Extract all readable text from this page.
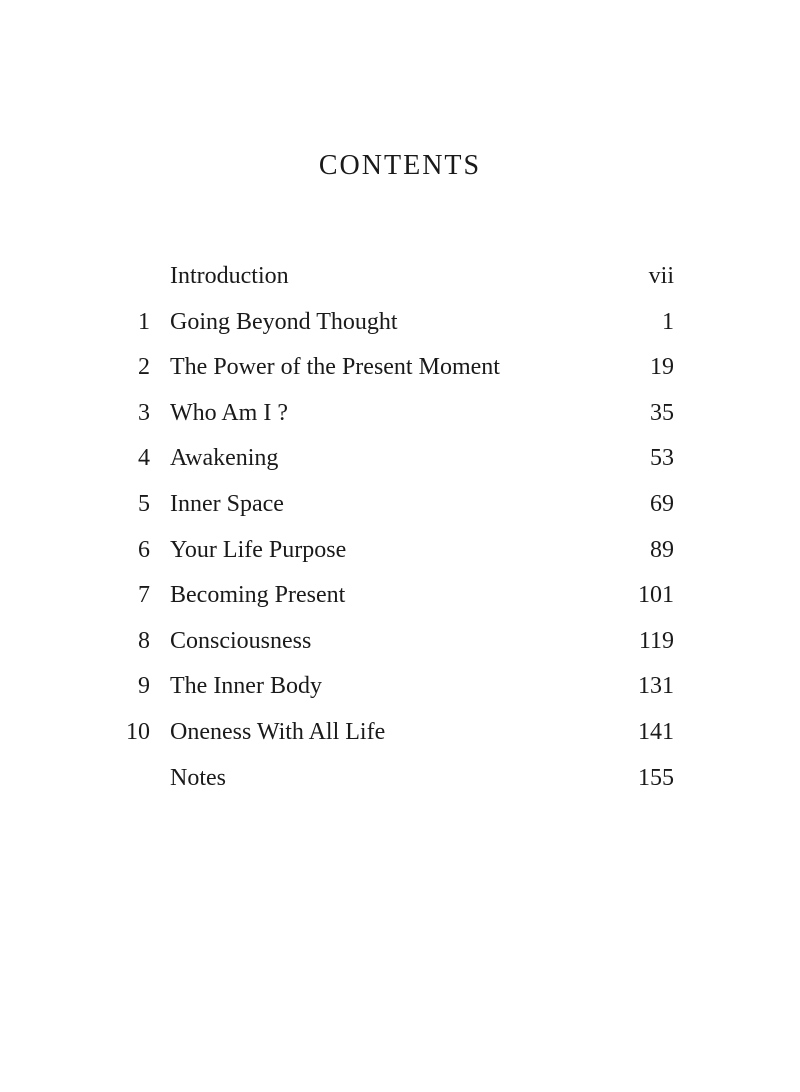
CONTENTS
Introduction	vii
1 Going Beyond Thought	1
2 The Power of the Present Moment	19
3 Who Am I ?	35
4 Awakening	53
5 Inner Space	69
6 Your Life Purpose	89
7 Becoming Present	101
8 Consciousness	119
9 The Inner Body	131
10 Oneness With All Life	141
Notes	155
